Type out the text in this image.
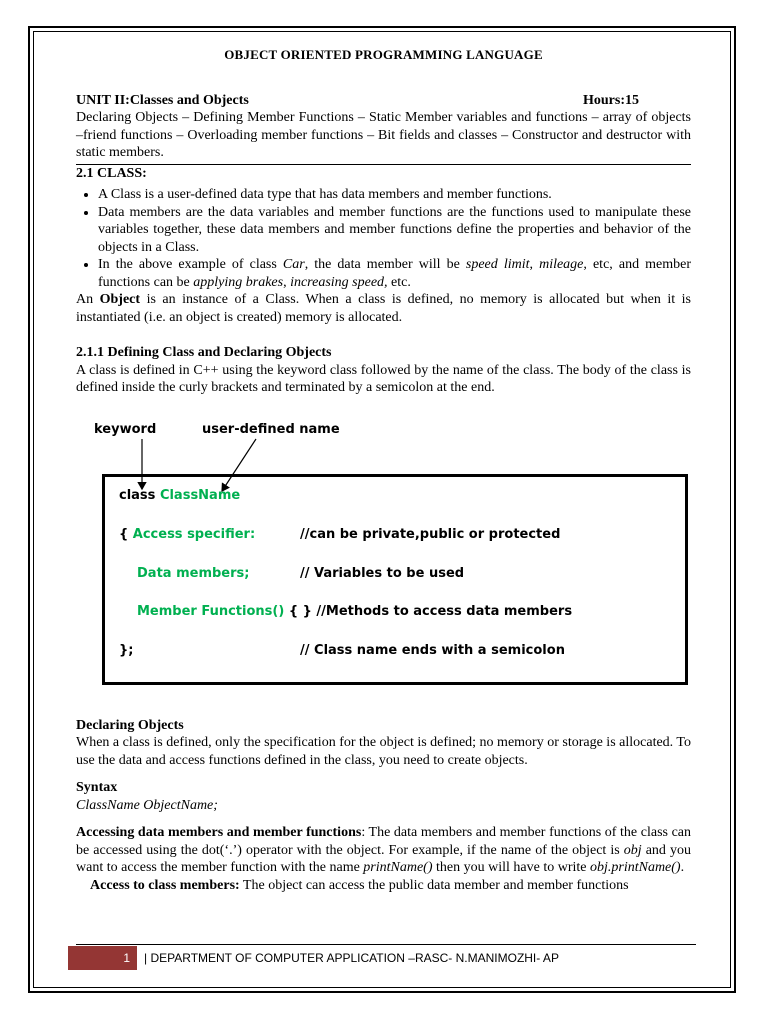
OBJECT ORIENTED PROGRAMMING LANGUAGE
UNIT II:Classes and Objects	Hours:15

Declaring Objects – Defining Member Functions – Static Member variables and functions – array of objects –friend functions – Overloading member functions – Bit fields and classes – Constructor and destructor with static members.

2.1 CLASS:
• A Class is a user-defined data type that has data members and member functions.
• Data members are the data variables and member functions are the functions used to manipulate these variables together, these data members and member functions define the properties and behavior of the objects in a Class.
• In the above example of class Car, the data member will be speed limit, mileage, etc, and member functions can be applying brakes, increasing speed, etc.

An Object is an instance of a Class. When a class is defined, no memory is allocated but when it is instantiated (i.e. an object is created) memory is allocated.

2.1.1 Defining Class and Declaring Objects

A class is defined in C++ using the keyword class followed by the name of the class. The body of the class is defined inside the curly brackets and terminated by a semicolon at the end.

keyword	user-defined name
class ClassName
{ Access specifier:	//can be private,public or protected
Data members;	// Variables to be used
Member Functions() { } //Methods to access data members
};	// Class name ends with a semicolon
Declaring Objects

When a class is defined, only the specification for the object is defined; no memory or storage is allocated. To use the data and access functions defined in the class, you need to create objects.

Syntax

ClassName ObjectName;

Accessing data members and member functions: The data members and member functions of the class can be accessed using the dot(‘.’) operator with the object. For example, if the name of the object is obj and you want to access the member function with the name printName() then you will have to write obj.printName().

Access to class members: The object can access the public data member and member functions

1	| DEPARTMENT OF COMPUTER APPLICATION –RASC- N.MANIMOZHI- AP
